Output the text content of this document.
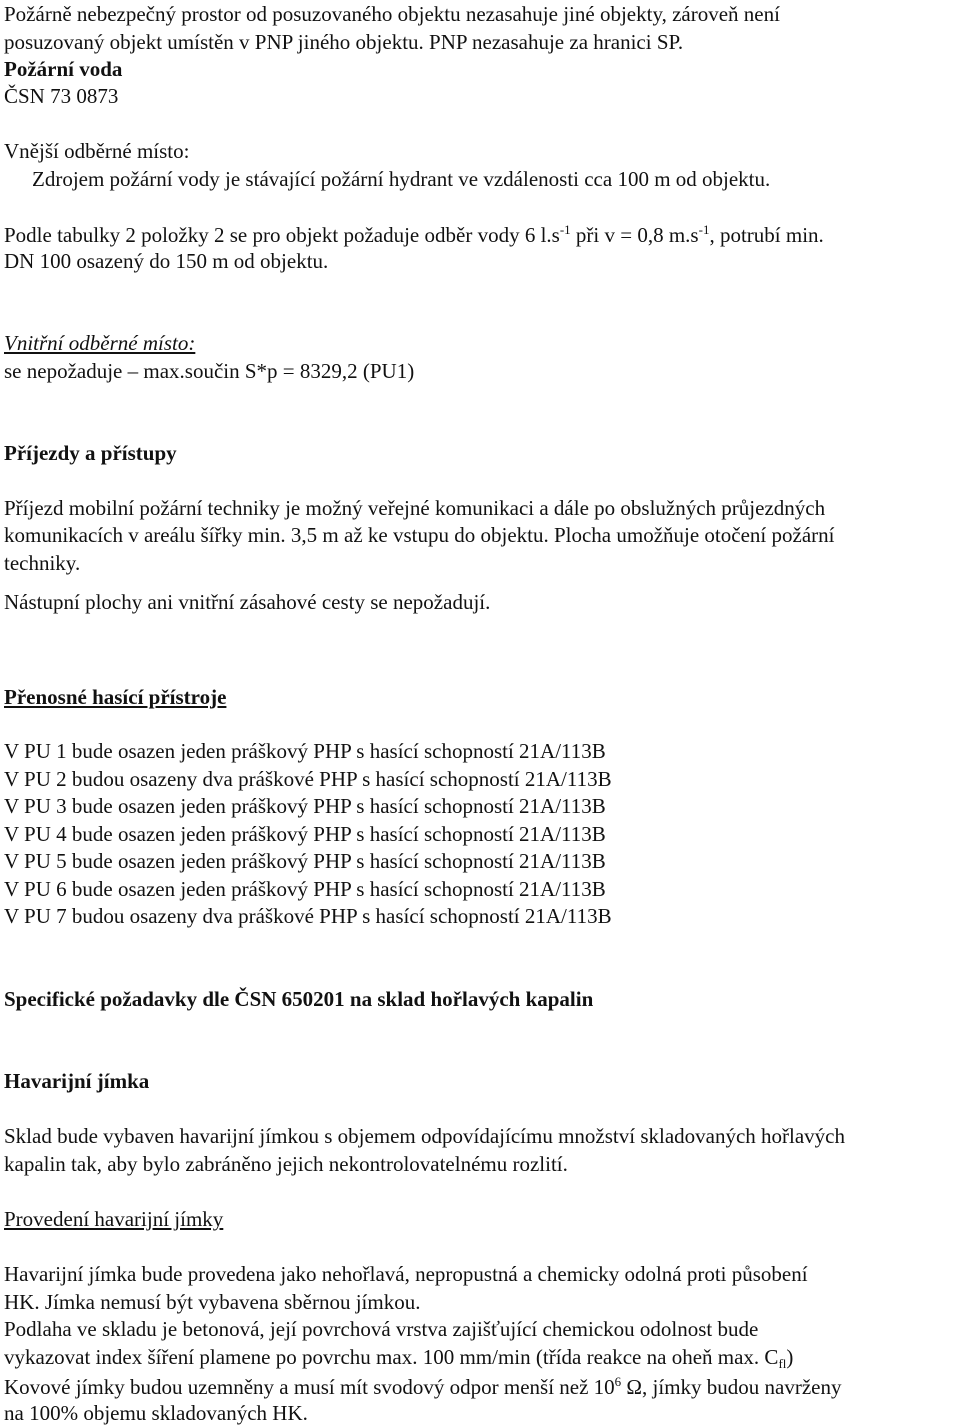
Požárně nebezpečný prostor od posuzovaného objektu nezasahuje jiné objekty, zároveň není
posuzovaný objekt umístěn v PNP jiného objektu. PNP nezasahuje za hranici SP.
Požární voda
ČSN 73 0873
Vnější odběrné místo:
Zdrojem požární vody je stávající požární hydrant ve vzdálenosti cca 100 m od objektu.
Podle tabulky 2 položky 2 se pro objekt požaduje odběr vody 6 $l.s^{-1}$ při v = 0,8 $m.s^{-1}$, potrubí min.
DN 100 osazený do 150 m od objektu.
Vnitřní odběrné místo:
se nepožaduje – max.součin S*p = 8329,2 (PU1)
Příjezdy a přístupy
Příjezd mobilní požární techniky je možný veřejné komunikaci a dále po obslužných průjezdných
komunikacích v areálu šířky min. 3,5 m až ke vstupu do objektu. Plocha umožňuje otočení požární
techniky.
Nástupní plochy ani vnitřní zásahové cesty se nepožadují.
Přenosné hasící přístroje
V PU 1 bude osazen jeden práškový PHP s hasící schopností 21A/113B
V PU 2 budou osazeny dva práškové PHP s hasící schopností 21A/113B
V PU 3 bude osazen jeden práškový PHP s hasící schopností 21A/113B
V PU 4 bude osazen jeden práškový PHP s hasící schopností 21A/113B
V PU 5 bude osazen jeden práškový PHP s hasící schopností 21A/113B
V PU 6 bude osazen jeden práškový PHP s hasící schopností 21A/113B
V PU 7 budou osazeny dva práškové PHP s hasící schopností 21A/113B
Specifické požadavky dle ČSN 650201 na sklad hořlavých kapalin
Havarijní jímka
Sklad bude vybaven havarijní jímkou s objemem odpovídajícímu množství skladovaných hořlavých
kapalin tak, aby bylo zabráněno jejich nekontrolovatelnému rozlití.
Provedení havarijní jímky
Havarijní jímka bude provedena jako nehořlavá, nepropustná a chemicky odolná proti působení
HK. Jímka nemusí být vybavena sběrnou jímkou.
Podlaha ve skladu je betonová, její povrchová vrstva zajišťující chemickou odolnost bude
vykazovat index šíření plamene po povrchu max. 100 mm/min (třída reakce na oheň max. $C_{fl}$)
Kovové jímky budou uzemněny a musí mít svodový odpor menší než $10^6$ Ω, jímky budou navrženy
na 100% objemu skladovaných HK.
